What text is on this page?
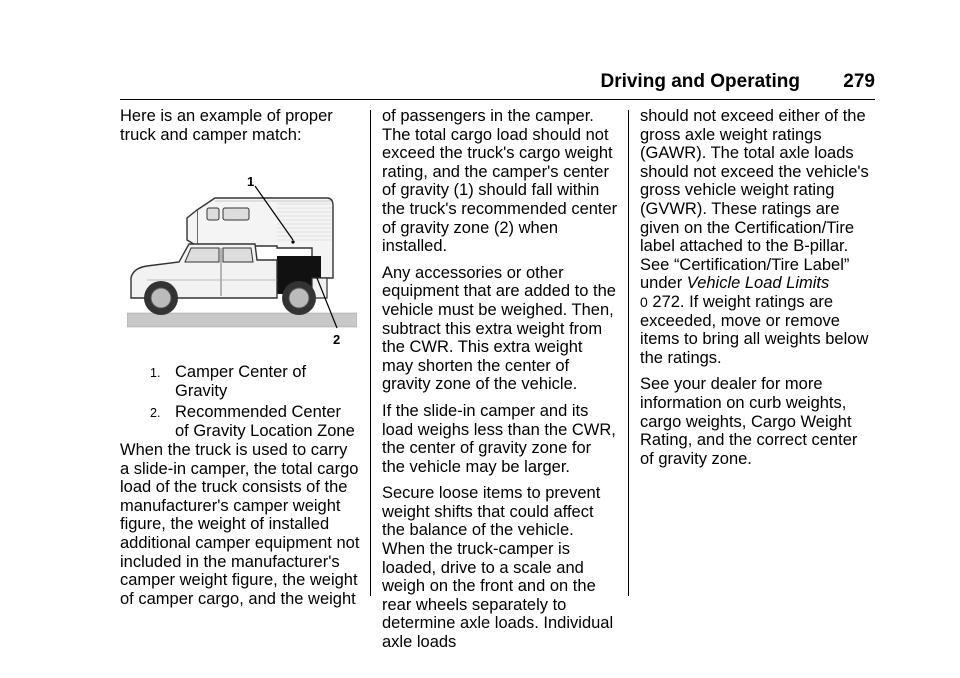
Driving and Operating 279

Here is an example of proper truck and camper match:

1
2
1. Camper Center of Gravity
2. Recommended Center of Gravity Location Zone

When the truck is used to carry a slide-in camper, the total cargo load of the truck consists of the manufacturer's camper weight figure, the weight of installed additional camper equipment not included in the manufacturer's camper weight figure, the weight of camper cargo, and the weight

of passengers in the camper. The total cargo load should not exceed the truck's cargo weight rating, and the camper's center of gravity (1) should fall within the truck's recommended center of gravity zone (2) when installed.

Any accessories or other equipment that are added to the vehicle must be weighed. Then, subtract this extra weight from the CWR. This extra weight may shorten the center of gravity zone of the vehicle.

If the slide-in camper and its load weighs less than the CWR, the center of gravity zone for the vehicle may be larger.

Secure loose items to prevent weight shifts that could affect the balance of the vehicle. When the truck-camper is loaded, drive to a scale and weigh on the front and on the rear wheels separately to determine axle loads. Individual axle loads

should not exceed either of the gross axle weight ratings (GAWR). The total axle loads should not exceed the vehicle's gross vehicle weight rating (GVWR). These ratings are given on the Certification/Tire label attached to the B-pillar. See “Certification/Tire Label” under Vehicle Load Limits
0 272. If weight ratings are exceeded, move or remove items to bring all weights below the ratings.

See your dealer for more information on curb weights, cargo weights, Cargo Weight Rating, and the correct center of gravity zone.
